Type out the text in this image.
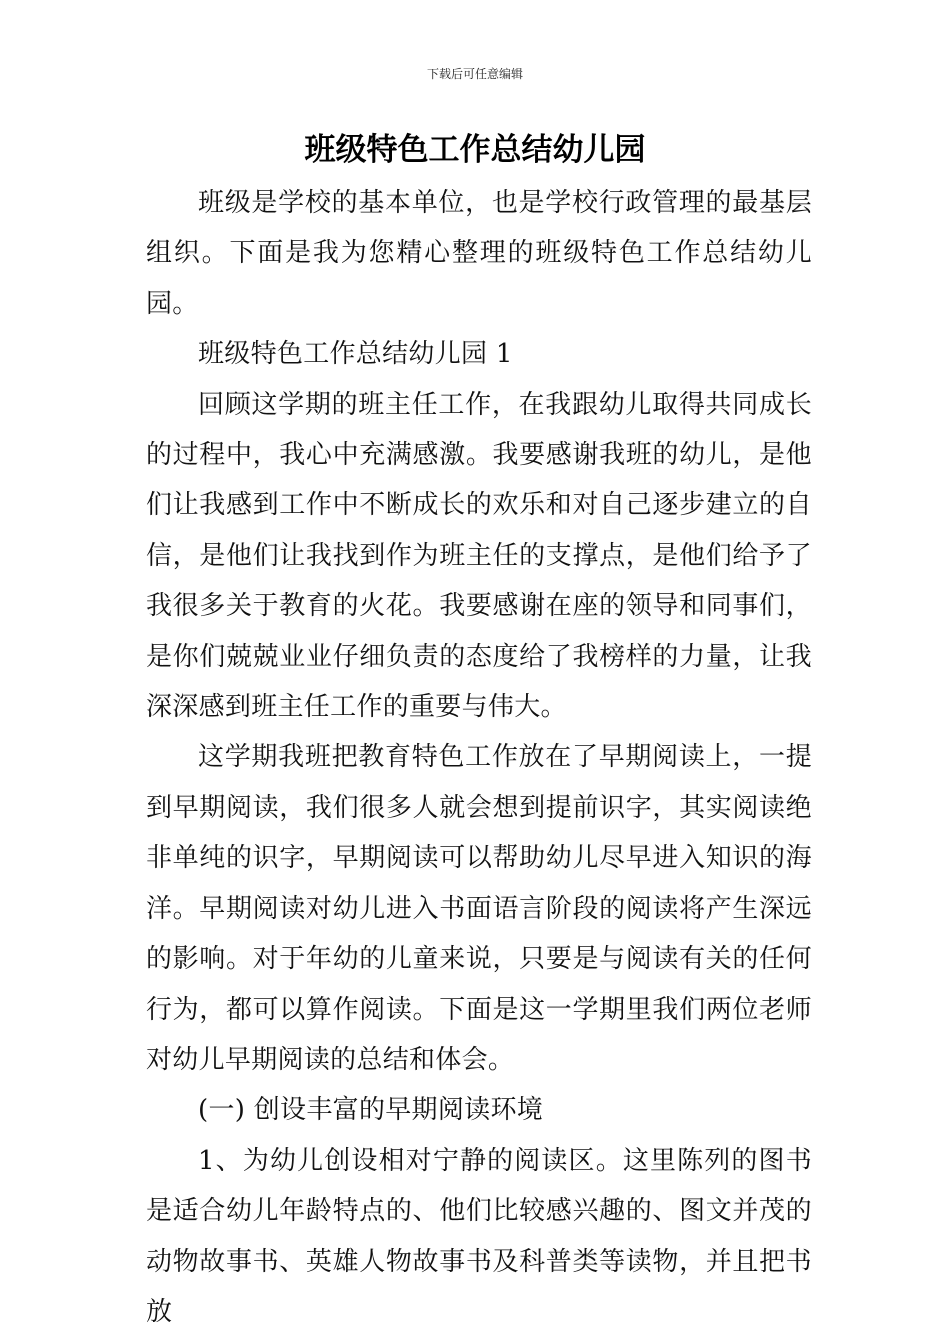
下载后可任意编辑
班级特色工作总结幼儿园

班级是学校的基本单位，也是学校行政管理的最基层组织。下面是我为您精心整理的班级特色工作总结幼儿园。

班级特色工作总结幼儿园 1

回顾这学期的班主任工作，在我跟幼儿取得共同成长的过程中，我心中充满感激。我要感谢我班的幼儿，是他们让我感到工作中不断成长的欢乐和对自己逐步建立的自信，是他们让我找到作为班主任的支撑点，是他们给予了我很多关于教育的火花。我要感谢在座的领导和同事们，是你们兢兢业业仔细负责的态度给了我榜样的力量，让我深深感到班主任工作的重要与伟大。

这学期我班把教育特色工作放在了早期阅读上，一提到早期阅读，我们很多人就会想到提前识字，其实阅读绝非单纯的识字，早期阅读可以帮助幼儿尽早进入知识的海洋。早期阅读对幼儿进入书面语言阶段的阅读将产生深远的影响。对于年幼的儿童来说，只要是与阅读有关的任何行为，都可以算作阅读。下面是这一学期里我们两位老师对幼儿早期阅读的总结和体会。

(一) 创设丰富的早期阅读环境

1、为幼儿创设相对宁静的阅读区。这里陈列的图书是适合幼儿年龄特点的、他们比较感兴趣的、图文并茂的动物故事书、英雄人物故事书及科普类等读物，并且把书放
